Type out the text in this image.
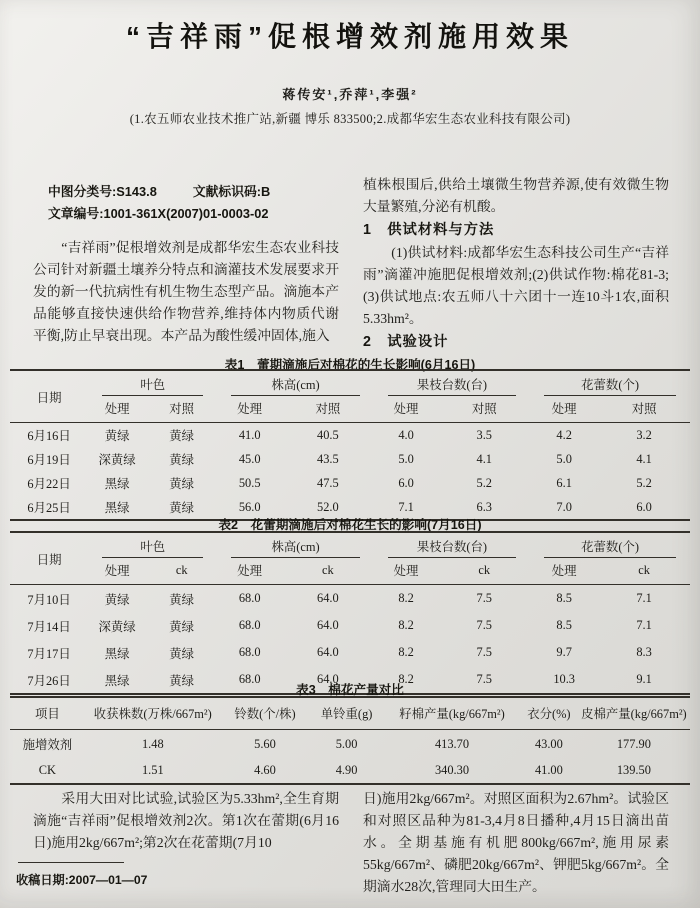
“吉祥雨”促根增效剂施用效果
蒋传安¹,乔萍¹,李强²
(1.农五师农业技术推广站,新疆 博乐 833500;2.成都华宏生态农业科技有限公司)
中图分类号:S143.8	文献标识码:B
文章编号:1001-361X(2007)01-0003-02

“吉祥雨”促根增效剂是成都华宏生态农业科技公司针对新疆土壤养分特点和滴灌技术发展要求开发的新一代抗病性有机生物生态型产品。滴施本产品能够直接快速供给作物营养,维持体内物质代谢平衡,防止早衰出现。本产品为酸性缓冲固体,施入

植株根围后,供给土壤微生物营养源,使有效微生物大量繁殖,分泌有机酸。

1　供试材料与方法

(1)供试材料:成都华宏生态科技公司生产“吉祥雨”滴灌冲施肥促根增效剂;(2)供试作物:棉花81-3;(3)供试地点:农五师八十六团十一连10斗1农,面积5.33hm²。

2　试验设计
表1　蕾期滴施后对棉花的生长影响(6月16日)
日期	叶色		株高(cm)		果枝台数(台)		花蕾数(个)	

	处理	对照	处理	对照	处理	对照	处理	对照
6月16日	黄绿	黄绿	41.0	40.5	4.0	3.5	4.2	3.2
6月19日	深黄绿	黄绿	45.0	43.5	5.0	4.1	5.0	4.1
6月22日	黑绿	黄绿	50.5	47.5	6.0	5.2	6.1	5.2
6月25日	黑绿	黄绿	56.0	52.0	7.1	6.3	7.0	6.0
表2　花蕾期滴施后对棉花生长的影响(7月16日)
日期	叶色		株高(cm)		果枝台数(台)		花蕾数(个)	

	处理	ck	处理	ck	处理	ck	处理	ck
7月10日	黄绿	黄绿	68.0	64.0	8.2	7.5	8.5	7.1
7月14日	深黄绿	黄绿	68.0	64.0	8.2	7.5	8.5	7.1
7月17日	黑绿	黄绿	68.0	64.0	8.2	7.5	9.7	8.3
7月26日	黑绿	黄绿	68.0	64.0	8.2	7.5	10.3	9.1
表3　棉花产量对比
项目	收获株数(万株/667m²)	铃数(个/株)	单铃重(g)	籽棉产量(kg/667m²)	衣分(%)	皮棉产量(kg/667m²)
施增效剂	1.48	5.60	5.00	413.70	43.00	177.90
CK	1.51	4.60	4.90	340.30	41.00	139.50

采用大田对比试验,试验区为5.33hm²,全生育期滴施“吉祥雨”促根增效剂2次。第1次在蕾期(6月16日)施用2kg/667m²;第2次在花蕾期(7月10

日)施用2kg/667m²。对照区面积为2.67hm²。试验区和对照区品种为81-3,4月8日播种,4月15日滴出苗水。全期基施有机肥800kg/667m²,施用尿素55kg/667m²、磷肥20kg/667m²、钾肥5kg/667m²。全期滴水28次,管理同大田生产。

收稿日期:2007—01—07
